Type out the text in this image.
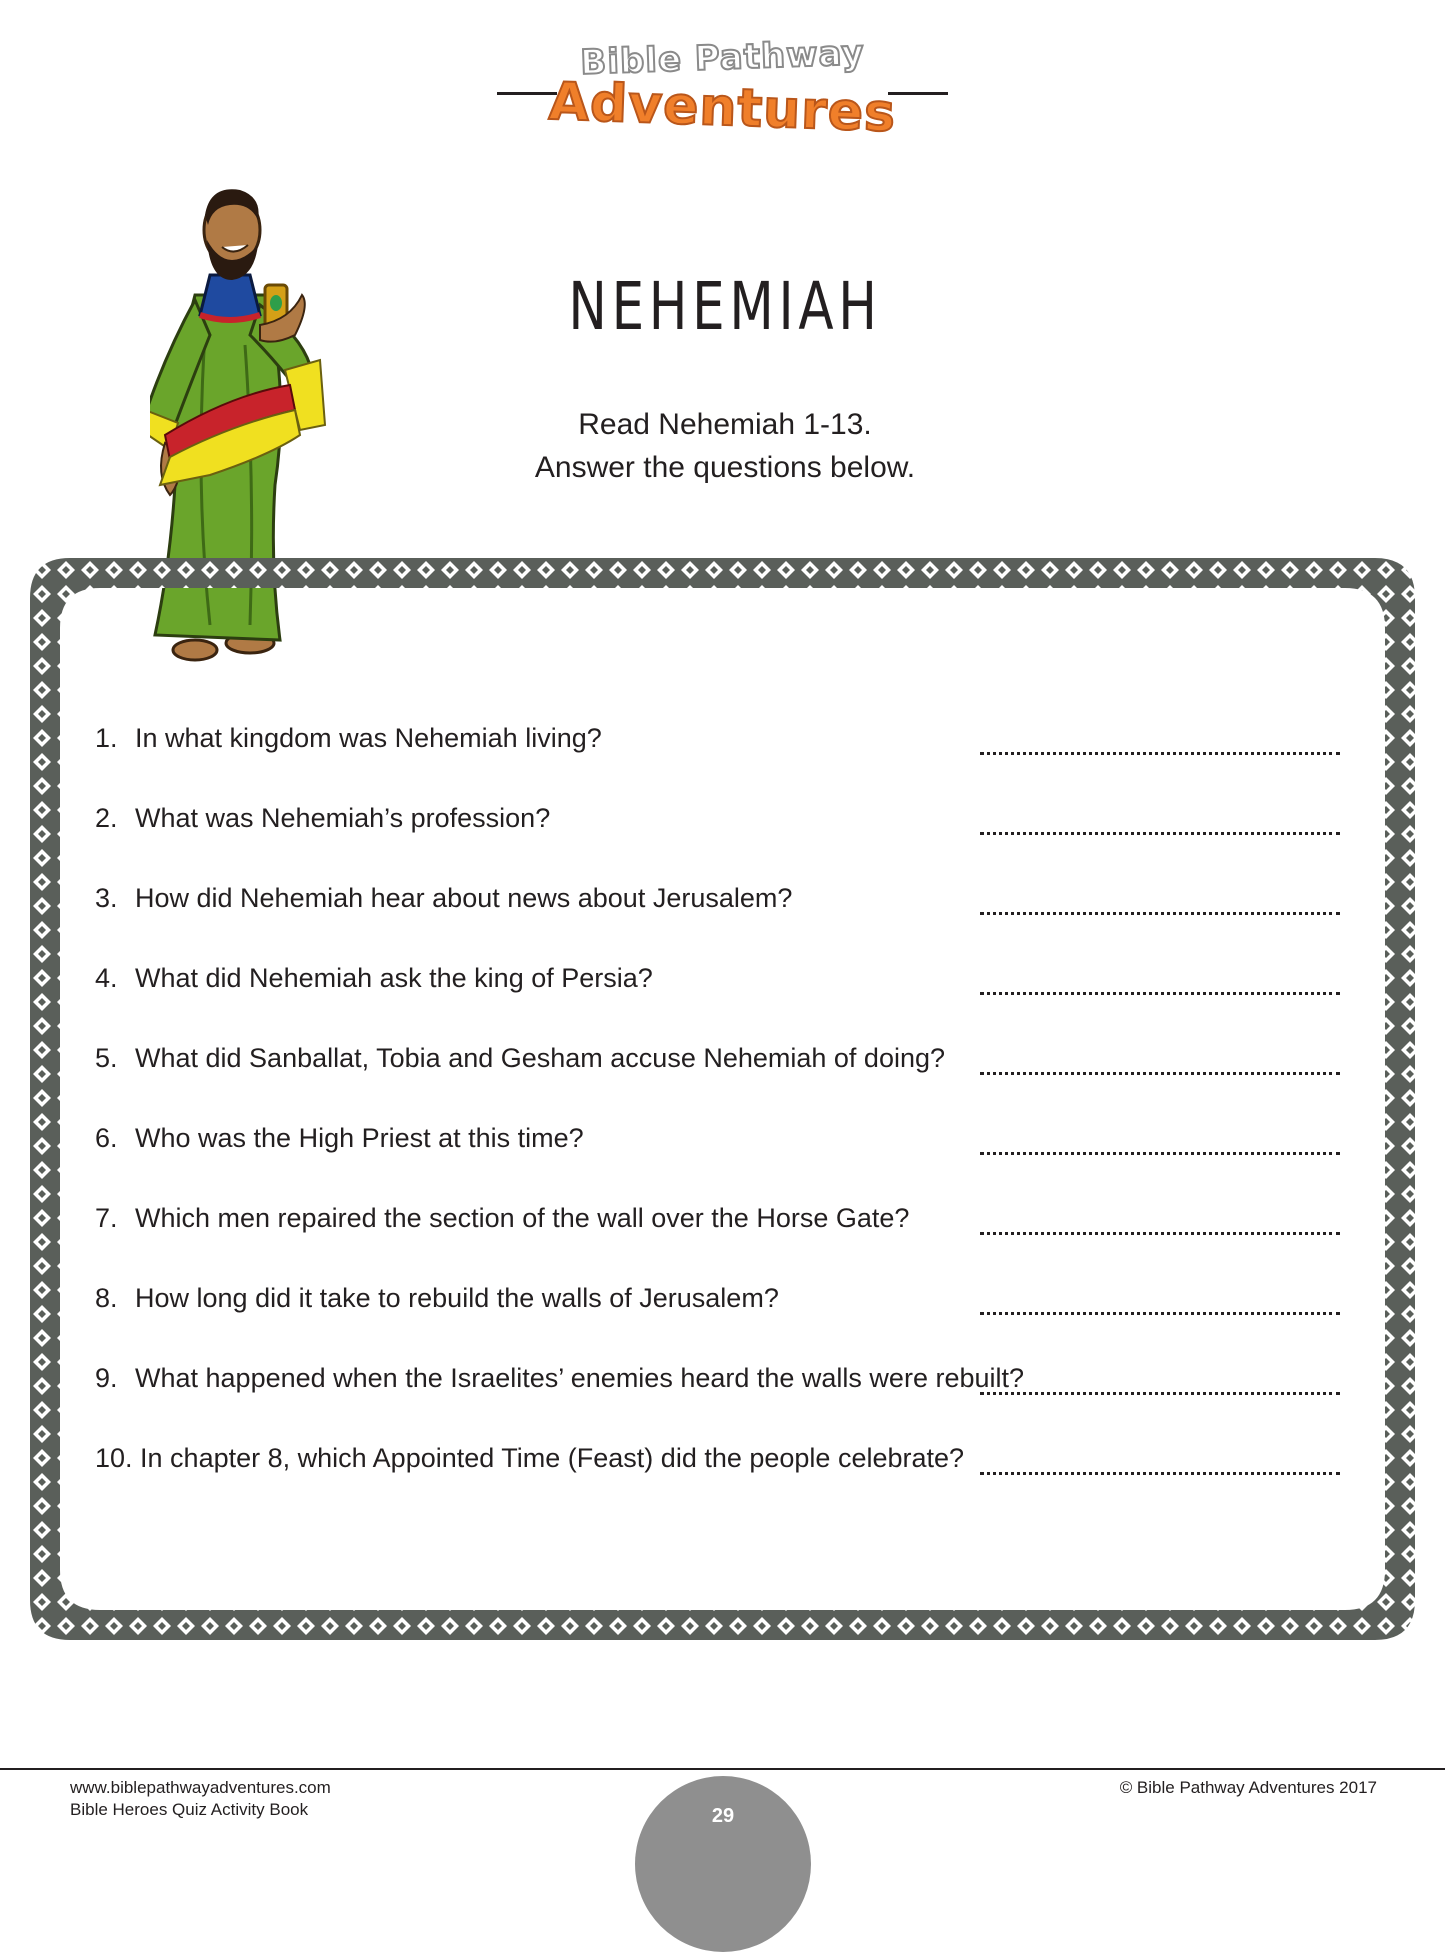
Bible Pathway
Adventures
NEHEMIAH
Read Nehemiah 1-13.
Answer the questions below.
1. In what kingdom was Nehemiah living?
2. What was Nehemiah’s profession?
3. How did Nehemiah hear about news about Jerusalem?
4. What did Nehemiah ask the king of Persia?
5. What did Sanballat, Tobia and Gesham accuse Nehemiah of doing?
6. Who was the High Priest at this time?
7. Which men repaired the section of the wall over the Horse Gate?
8. How long did it take to rebuild the walls of Jerusalem?
9. What happened when the Israelites’ enemies heard the walls were rebuilt?
10. In chapter 8, which Appointed Time (Feast) did the people celebrate?
www.biblepathwayadventures.com
Bible Heroes Quiz Activity Book
© Bible Pathway Adventures 2017
29
